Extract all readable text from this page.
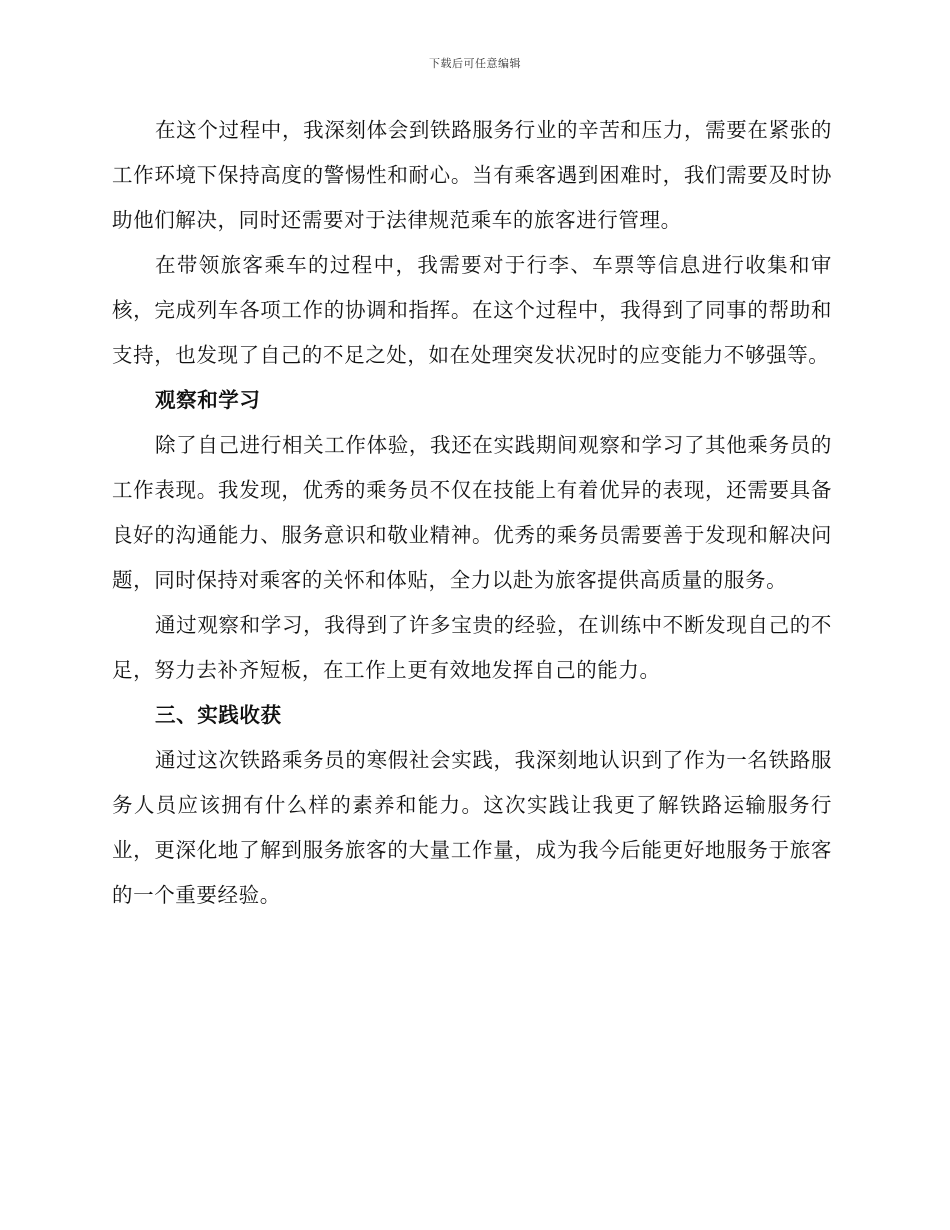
下载后可任意编辑

在这个过程中，我深刻体会到铁路服务行业的辛苦和压力，需要在紧张的工作环境下保持高度的警惕性和耐心。当有乘客遇到困难时，我们需要及时协助他们解决，同时还需要对于法律规范乘车的旅客进行管理。

在带领旅客乘车的过程中，我需要对于行李、车票等信息进行收集和审核，完成列车各项工作的协调和指挥。在这个过程中，我得到了同事的帮助和支持，也发现了自己的不足之处，如在处理突发状况时的应变能力不够强等。

观察和学习

除了自己进行相关工作体验，我还在实践期间观察和学习了其他乘务员的工作表现。我发现，优秀的乘务员不仅在技能上有着优异的表现，还需要具备良好的沟通能力、服务意识和敬业精神。优秀的乘务员需要善于发现和解决问题，同时保持对乘客的关怀和体贴，全力以赴为旅客提供高质量的服务。

通过观察和学习，我得到了许多宝贵的经验，在训练中不断发现自己的不足，努力去补齐短板，在工作上更有效地发挥自己的能力。

三、实践收获

通过这次铁路乘务员的寒假社会实践，我深刻地认识到了作为一名铁路服务人员应该拥有什么样的素养和能力。这次实践让我更了解铁路运输服务行业，更深化地了解到服务旅客的大量工作量，成为我今后能更好地服务于旅客的一个重要经验。
